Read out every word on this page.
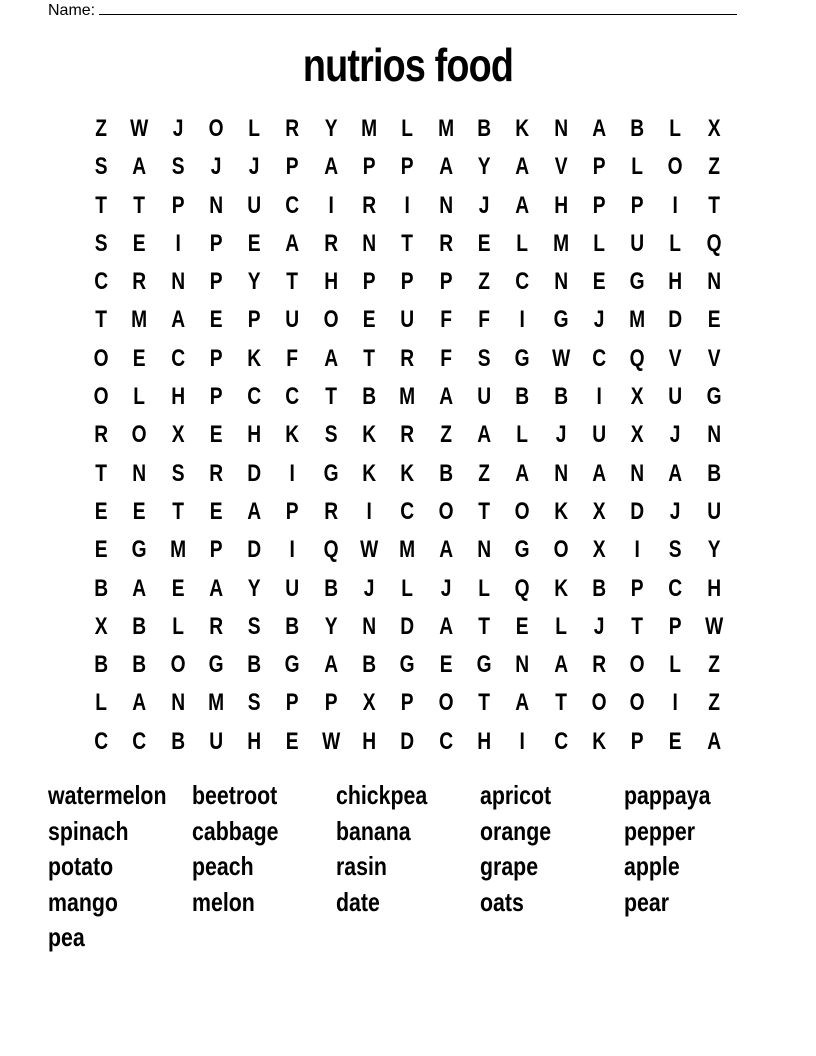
Name:
nutrios food
Z W J	O	L	R	Y M	L	M B	K	N	A	B	L	X
S	A	S	J	J	P	A	P	P	A	Y	A	V	P	L	O	Z
T	T	P	N	U	C	I	R	I	N	J	A	H	P	P	I	T
S	E	I	P	E	A	R	N	T	R	E	L	M	L	U	L	Q
C	R	N	P	Y	T	H	P	P	P	Z	C	N	E	G H	N
T	M A	E	P	U O	E	U	F	F	I	G	J	M D	E
O	E	C	P	K	F	A	T	R	F	S	G W C Q	V	V
O	L	H	P	C	C	T	B M A	U	B	B	I	X	U G
R O	X	E	H	K	S	K	R	Z	A	L	J	U	X	J	N
T	N	S	R	D	I	G K	K	B	Z	A	N	A	N	A	B
E	E	T	E	A	P	R	I	C O	T	O K	X	D	J	U
E	G M P	D	I	Q W M A	N G O	X	I	S	Y
B	A	E	A	Y	U	B	J	L	J	L	Q K	B	P	C	H
X	B	L	R	S	B	Y	N	D	A	T	E	L	J	T	P W
B	B O G B G A	B G	E	G N	A	R O	L	Z
L	A	N M S	P	P	X	P	O	T	A	T	O O	I	Z
C	C	B	U	H	E W H	D	C	H	I	C	K	P	E	A
watermelon beetroot	chickpea	apricot	pappaya
spinach	cabbage	banana	orange	pepper
potato	peach	rasin	grape	apple
mango	melon	date	oats	pear
pea
